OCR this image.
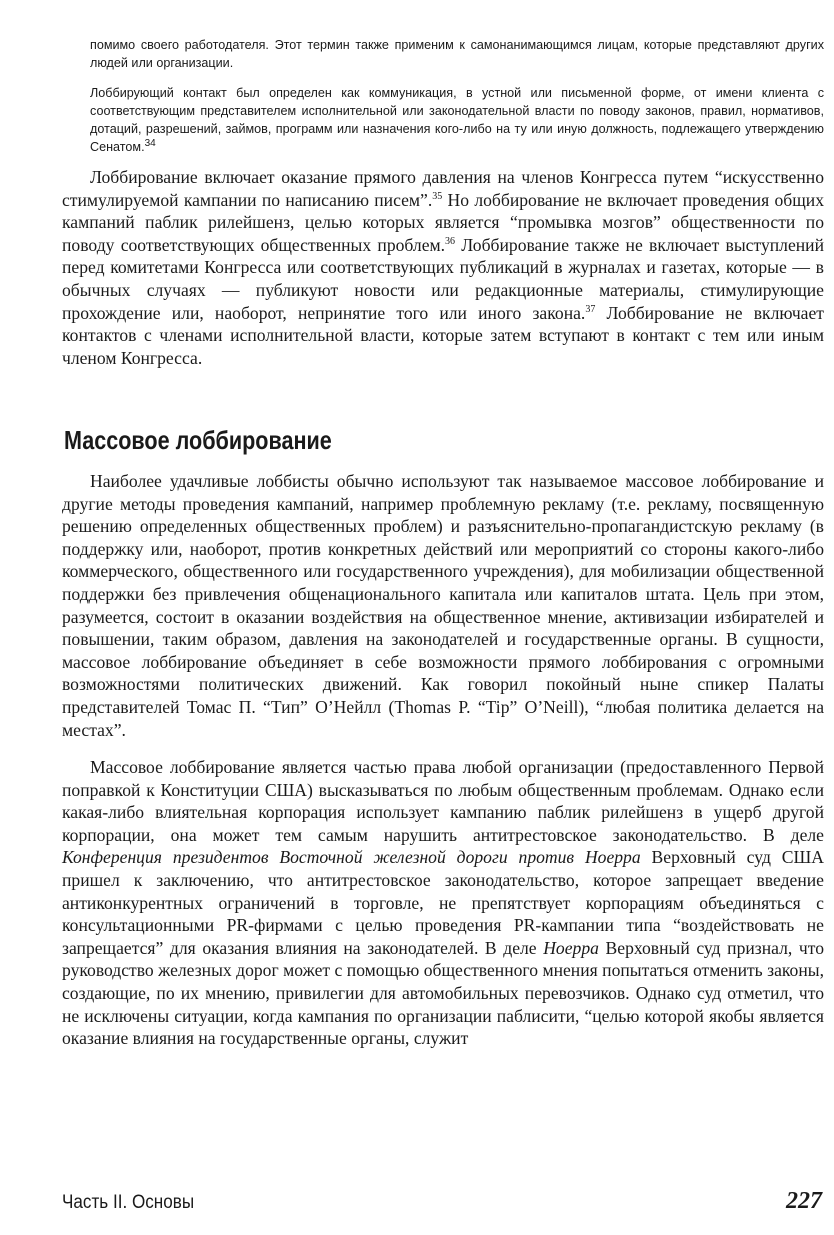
помимо своего работодателя. Этот термин также применим к самонанимающимся лицам, которые представляют других людей или организации.
Лоббирующий контакт был определен как коммуникация, в устной или письменной форме, от имени клиента с соответствующим представителем исполнительной или законодательной власти по поводу законов, правил, нормативов, дотаций, разрешений, займов, программ или назначения кого-либо на ту или иную должность, подлежащего утверждению Сенатом.$^{34}$

Лоббирование включает оказание прямого давления на членов Конгресса путем “искусственно стимулируемой кампании по написанию писем”.$^{35}$ Но лоббирование не включает проведения общих кампаний паблик рилейшенз, целью которых является “промывка мозгов” общественности по поводу соответствующих общественных проблем.$^{36}$ Лоббирование также не включает выступлений перед комитетами Конгресса или соответствующих публикаций в журналах и газетах, которые — в обычных случаях — публикуют новости или редакционные материалы, стимулирующие прохождение или, наоборот, непринятие того или иного закона.$^{37}$ Лоббирование не включает контактов с членами исполнительной власти, которые затем вступают в контакт с тем или иным членом Конгресса.

Массовое лоббирование

Наиболее удачливые лоббисты обычно используют так называемое массовое лоббирование и другие методы проведения кампаний, например проблемную рекламу (т.е. рекламу, посвященную решению определенных общественных проблем) и разъяснительно-пропагандистскую рекламу (в поддержку или, наоборот, против конкретных действий или мероприятий со стороны какого-либо коммерческого, общественного или государственного учреждения), для мобилизации общественной поддержки без привлечения общенационального капитала или капиталов штата. Цель при этом, разумеется, состоит в оказании воздействия на общественное мнение, активизации избирателей и повышении, таким образом, давления на законодателей и государственные органы. В сущности, массовое лоббирование объединяет в себе возможности прямого лоббирования с огромными возможностями политических движений. Как говорил покойный ныне спикер Палаты представителей Томас П. “Тип” О’Нейлл (Thomas P. “Tip” O’Neill), “любая политика делается на местах”.

Массовое лоббирование является частью права любой организации (предоставленного Первой поправкой к Конституции США) высказываться по любым общественным проблемам. Однако если какая-либо влиятельная корпорация использует кампанию паблик рилейшенз в ущерб другой корпорации, она может тем самым нарушить антитрестовское законодательство. В деле Конференция президентов Восточной железной дороги против Ноерра Верховный суд США пришел к заключению, что антитрестовское законодательство, которое запрещает введение антиконкурентных ограничений в торговле, не препятствует корпорациям объединяться с консультационными PR-фирмами с целью проведения PR-кампании типа “воздействовать не запрещается” для оказания влияния на законодателей. В деле Ноерра Верховный суд признал, что руководство железных дорог может с помощью общественного мнения попытаться отменить законы, создающие, по их мнению, привилегии для автомобильных перевозчиков. Однако суд отметил, что не исключены ситуации, когда кампания по организации паблисити, “целью которой якобы является оказание влияния на государственные органы, служит

Часть II. Основы	227
